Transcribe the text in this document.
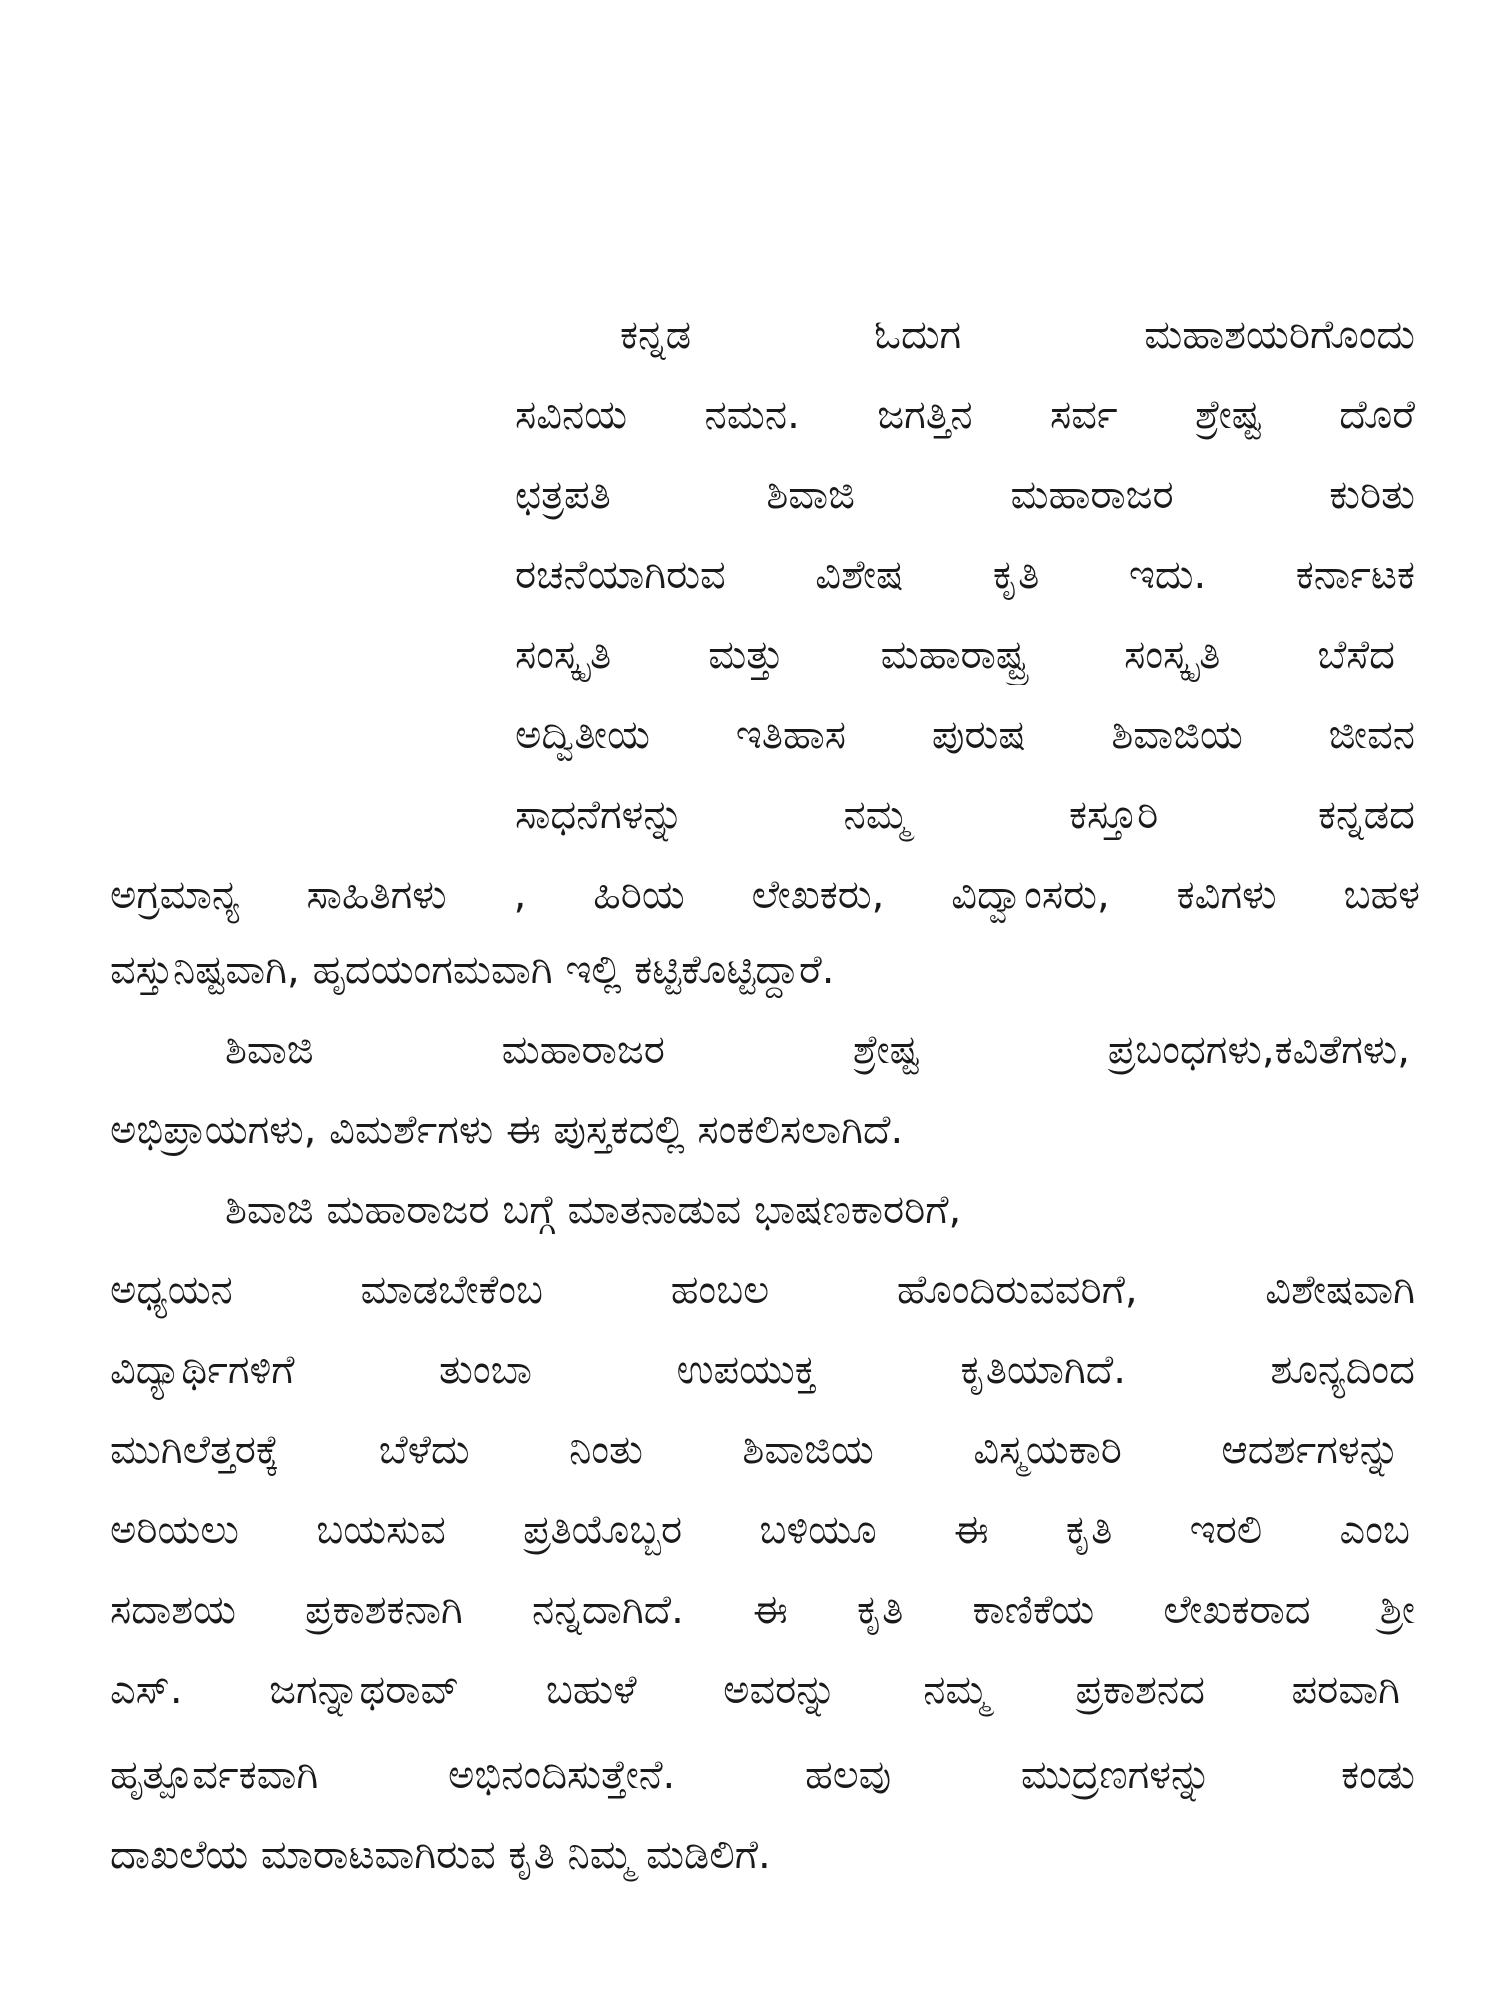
ಕನ್ನಡ ಓದುಗ ಮಹಾಶಯರಿಗೊಂದು
ಸವಿನಯ ನಮನ. ಜಗತ್ತಿನ ಸರ್ವ ಶ್ರೇಷ್ಟ ದೊರೆ
ಛತ್ರಪತಿ ಶಿವಾಜಿ ಮಹಾರಾಜರ ಕುರಿತು
ರಚನೆಯಾಗಿರುವ ವಿಶೇಷ ಕೃತಿ ಇದು. ಕರ್ನಾಟಕ
ಸಂಸ್ಕೃತಿ ಮತ್ತು ಮಹಾರಾಷ್ಟ್ರ ಸಂಸ್ಕೃತಿ ಬೆಸೆದ
ಅದ್ವಿತೀಯ ಇತಿಹಾಸ ಪುರುಷ ಶಿವಾಜಿಯ ಜೀವನ
ಸಾಧನೆಗಳನ್ನು ನಮ್ಮ ಕಸ್ತೂರಿ ಕನ್ನಡದ
ಅಗ್ರಮಾನ್ಯ ಸಾಹಿತಿಗಳು , ಹಿರಿಯ ಲೇಖಕರು, ವಿದ್ವಾಂಸರು, ಕವಿಗಳು ಬಹಳ
ವಸ್ತುನಿಷ್ಟವಾಗಿ, ಹೃದಯಂಗಮವಾಗಿ ಇಲ್ಲಿ ಕಟ್ಟಿಕೊಟ್ಟಿದ್ದಾರೆ.
ಶಿವಾಜಿ ಮಹಾರಾಜರ ಶ್ರೇಷ್ಟ ಪ್ರಬಂಧಗಳು,ಕವಿತೆಗಳು,
ಅಭಿಪ್ರಾಯಗಳು, ವಿಮರ್ಶೆಗಳು ಈ ಪುಸ್ತಕದಲ್ಲಿ ಸಂಕಲಿಸಲಾಗಿದೆ.
ಶಿವಾಜಿ ಮಹಾರಾಜರ ಬಗ್ಗೆ ಮಾತನಾಡುವ ಭಾಷಣಕಾರರಿಗೆ,
ಅಧ್ಯಯನ ಮಾಡಬೇಕೆಂಬ ಹಂಬಲ ಹೊಂದಿರುವವರಿಗೆ, ವಿಶೇಷವಾಗಿ
ವಿದ್ಯಾರ್ಥಿಗಳಿಗೆ ತುಂಬಾ ಉಪಯುಕ್ತ ಕೃತಿಯಾಗಿದೆ. ಶೂನ್ಯದಿಂದ
ಮುಗಿಲೆತ್ತರಕ್ಕೆ ಬೆಳೆದು ನಿಂತು ಶಿವಾಜಿಯ ವಿಸ್ಮಯಕಾರಿ ಆದರ್ಶಗಳನ್ನು
ಅರಿಯಲು ಬಯಸುವ ಪ್ರತಿಯೊಬ್ಬರ ಬಳಿಯೂ ಈ ಕೃತಿ ಇರಲಿ ಎಂಬ
ಸದಾಶಯ ಪ್ರಕಾಶಕನಾಗಿ ನನ್ನದಾಗಿದೆ. ಈ ಕೃತಿ ಕಾಣಿಕೆಯ ಲೇಖಕರಾದ ಶ್ರೀ
ಎಸ್. ಜಗನ್ನಾಥರಾವ್ ಬಹುಳೆ ಅವರನ್ನು ನಮ್ಮ ಪ್ರಕಾಶನದ ಪರವಾಗಿ
ಹೃತ್ಪೂರ್ವಕವಾಗಿ ಅಭಿನಂದಿಸುತ್ತೇನೆ. ಹಲವು ಮುದ್ರಣಗಳನ್ನು ಕಂಡು
ದಾಖಲೆಯ ಮಾರಾಟವಾಗಿರುವ ಕೃತಿ ನಿಮ್ಮ ಮಡಿಲಿಗೆ.
